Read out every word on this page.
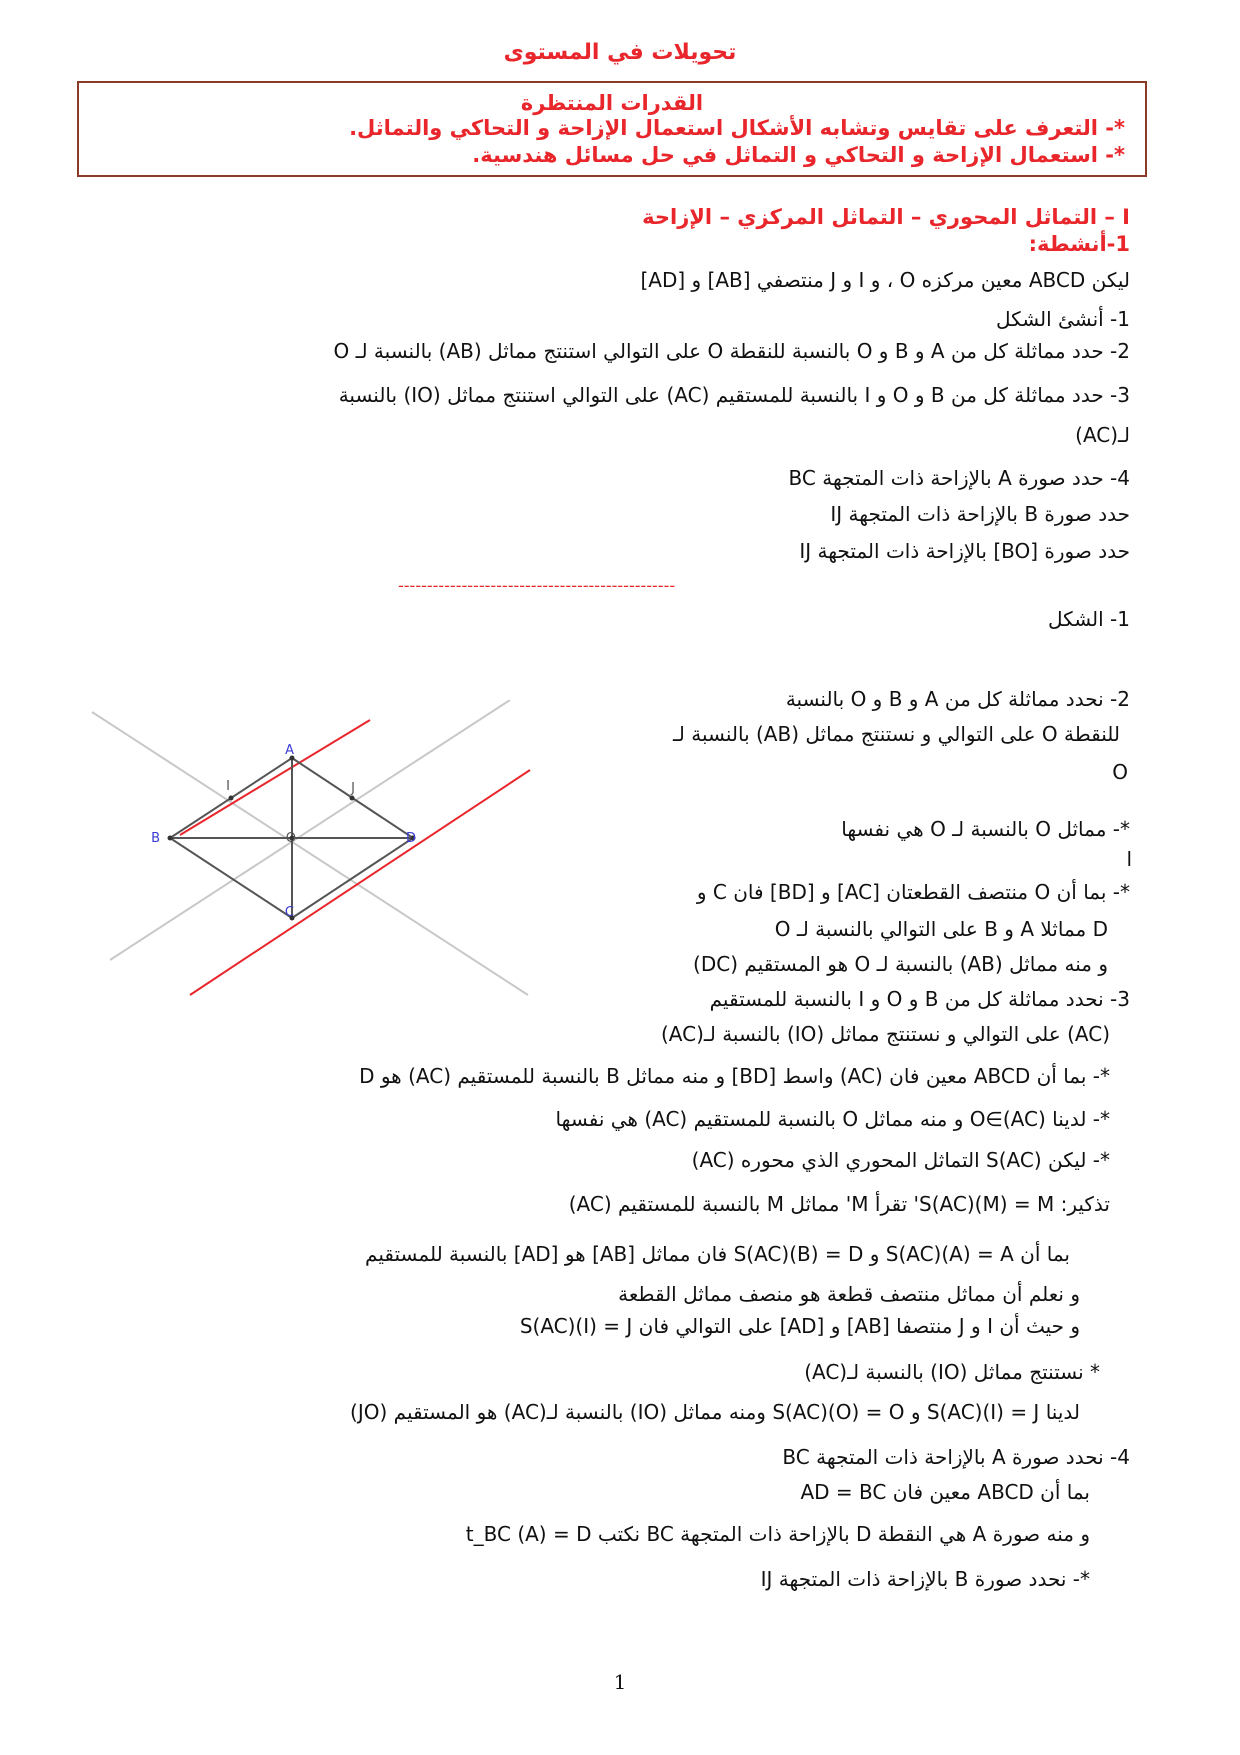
تحويلات في المستوى
القدرات المنتظرة
*- التعرف على تقايس وتشابه الأشكال استعمال الإزاحة و التحاكي والتماثل.
*- استعمال الإزاحة و التحاكي و التماثل في حل مسائل هندسية.
I – التماثل المحوري – التماثل المركزي – الإزاحة
1-أنشطة:
ليكن ABCD معين مركزه O ، و I و J منتصفي [AB] و [AD]
1- أنشئ الشكل
2- حدد مماثلة كل من A و B و O بالنسبة للنقطة O على التوالي استنتج مماثل (AB) بالنسبة لـ O
3- حدد مماثلة كل من B و O و I بالنسبة للمستقيم (AC) على التوالي استنتج مماثل (IO) بالنسبة
لـ(AC)
4- حدد صورة A بالإزاحة ذات المتجهة BC
حدد صورة B بالإزاحة ذات المتجهة IJ
حدد صورة [BO] بالإزاحة ذات المتجهة IJ
------------------------------------------------
1- الشكل
2- نحدد مماثلة كل من A و B و O بالنسبة
للنقطة O على التوالي و نستنتج مماثل (AB) بالنسبة لـ
O
*- مماثل O بالنسبة لـ O هي نفسها
ا
*- بما أن O منتصف القطعتان [AC] و [BD] فان C و
D مماثلا A و B على التوالي بالنسبة لـ O
و منه مماثل (AB) بالنسبة لـ O هو المستقيم (DC)
3- نحدد مماثلة كل من B و O و I بالنسبة للمستقيم
(AC) على التوالي و نستنتج مماثل (IO) بالنسبة لـ(AC)
*- بما أن ABCD معين فان (AC) واسط [BD] و منه مماثل B بالنسبة للمستقيم (AC) هو D
*- لدينا O∈(AC) و منه مماثل O بالنسبة للمستقيم (AC) هي نفسها
*- ليكن S(AC) التماثل المحوري الذي محوره (AC)
تذكير: S(AC)(M) = M' تقرأ M' مماثل M بالنسبة للمستقيم (AC)
بما أن S(AC)(A) = A و S(AC)(B) = D فان مماثل [AB] هو [AD] بالنسبة للمستقيم
و نعلم أن مماثل منتصف قطعة هو منصف مماثل القطعة
و حيث أن I و J منتصفا [AB] و [AD] على التوالي فان S(AC)(I) = J
* نستنتج مماثل (IO) بالنسبة لـ(AC)
لدينا S(AC)(I) = J و S(AC)(O) = O ومنه مماثل (IO) بالنسبة لـ(AC) هو المستقيم (JO)
4- نحدد صورة A بالإزاحة ذات المتجهة BC
بما أن ABCD معين فان AD = BC
و منه صورة A هي النقطة D بالإزاحة ذات المتجهة BC نكتب t_BC (A) = D
*- نحدد صورة B بالإزاحة ذات المتجهة IJ
A
B
C
D
O
I	J
1
